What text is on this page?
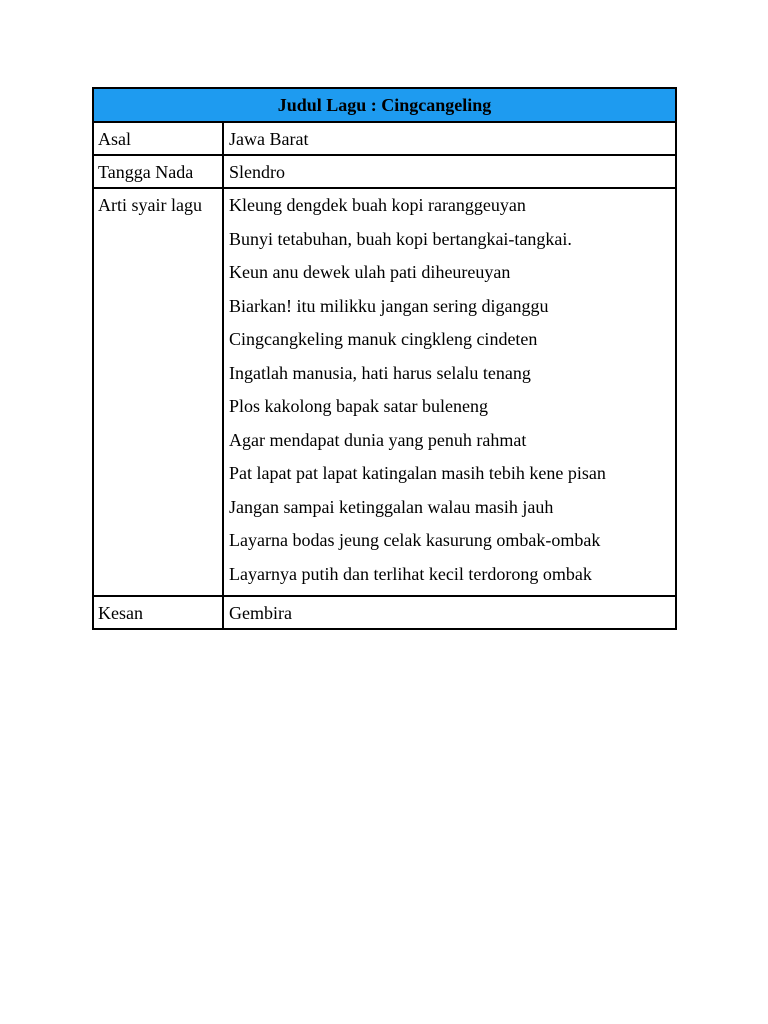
Judul Lagu : Cingcangeling
Asal	Jawa Barat
Tangga Nada	Slendro
Arti syair lagu	Kleung dengdek buah kopi raranggeuyan
Bunyi tetabuhan, buah kopi bertangkai-tangkai.
Keun anu dewek ulah pati diheureuyan
Biarkan! itu milikku jangan sering diganggu
Cingcangkeling manuk cingkleng cindeten
Ingatlah manusia, hati harus selalu tenang
Plos kakolong bapak satar buleneng
Agar mendapat dunia yang penuh rahmat
Pat lapat pat lapat katingalan masih tebih kene pisan
Jangan sampai ketinggalan walau masih jauh
Layarna bodas jeung celak kasurung ombak-ombak
Layarnya putih dan terlihat kecil terdorong ombak
Kesan	Gembira
